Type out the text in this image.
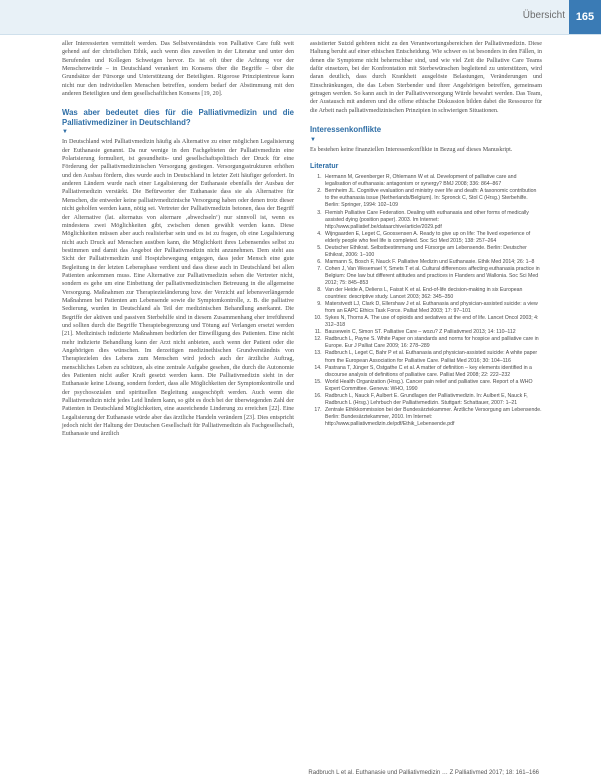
Übersicht 165

aller Interessierten vermittelt werden. Das Selbstverständnis von Palliative Care fußt weit gehend auf der christlichen Ethik, auch wenn dies zuweilen in der Literatur und unter den Berufenden und Kollegen Schweigen hervor. Es ist oft über die Achtung vor der Menschenwürde – in Deutschland verankert im Konsens über die Begriffe – über die Grundsätze der Fürsorge und Unterstützung der Beteiligten. Rigorose Prinzipientreue kann nicht nur den individuellen Menschen betreffen, sondern bedarf der Abstimmung mit den anderen Beteiligten und dem gesellschaftlichen Konsens [19, 20].

Was aber bedeutet dies für die Palliativmedizin und die Palliativmediziner in Deutschland?
▼

In Deutschland wird Palliativmedizin häufig als Alternative zu einer möglichen Legalisierung der Euthanasie genannt. Da nur wenige in den Fachgebieten der Palliativmedizin eine Polarisierung formuliert, ist gesundheits- und gesellschaftspolitisch der Druck für eine Förderung der palliativmedizinischen Versorgung gestiegen. Versorgungsstrukturen erhöhen und den Ausbau fördern, dies wurde auch in Deutschland in letzter Zeit häufiger gefordert. In anderen Ländern wurde nach einer Legalisierung der Euthanasie ebenfalls der Ausbau der Palliativmedizin verstärkt. Die Befürworter der Euthanasie dass sie als Alternative für Menschen, die entweder keine palliativmedizinische Versorgung haben oder denen trotz dieser nicht geholfen werden kann, nötig sei. Vertreter der Palliativmedizin betonen, dass der Begriff der Alternative (lat. alternatus von alternare ‚abwechseln‘) nur sinnvoll ist, wenn es mindestens zwei Möglichkeiten gibt, zwischen denen gewählt werden kann. Diese Möglichkeiten müssen aber auch realisierbar sein und es ist zu fragen, ob eine Legalisierung nicht auch Druck auf Menschen ausüben kann, die Möglichkeit ihres Lebensendes selbst zu bestimmen und damit das Angebot der Palliativmedizin nicht anzunehmen. Dem steht aus Sicht der Palliativmedizin und Hospizbewegung entgegen, dass jeder Mensch eine gute Begleitung in der letzten Lebensphase verdient und dass diese auch in Deutschland bei allen Patienten ankommen muss. Eine Alternative zur Palliativmedizin sehen die Vertreter nicht, sondern es gehe um eine Einbettung der palliativmedizinischen Betreuung in die allgemeine Versorgung. Maßnahmen zur Therapiezieländerung bzw. der Verzicht auf lebensverlängernde Maßnahmen bei Patienten am Lebensende sowie die Symptomkontrolle, z. B. die palliative Sedierung, wurden in Deutschland als Teil der medizinischen Behandlung anerkannt. Die Begriffe der aktiven und passiven Sterbehilfe sind in diesem Zusammenhang eher irreführend und sollten durch die Begriffe Therapiebegrenzung und Tötung auf Verlangen ersetzt werden [21]. Medizinisch indizierte Maßnahmen bedürfen der Einwilligung des Patienten. Eine nicht mehr indizierte Behandlung kann der Arzt nicht anbieten, auch wenn der Patient oder die Angehörigen dies wünschen. Im derzeitigen medizinethischen Grundverständnis von Therapiezielen des Lebens zum Menschen wird jedoch auch der ärztliche Auftrag, menschliches Leben zu schützen, als eine zentrale Aufgabe gesehen, die durch die Autonomie des Patienten nicht außer Kraft gesetzt werden kann. Die Palliativmedizin sieht in der Euthanasie keine Lösung, sondern fordert, dass alle Möglichkeiten der Symptomkontrolle und der psychosozialen und spirituellen Begleitung ausgeschöpft werden. Auch wenn die Palliativmedizin nicht jedes Leid lindern kann, so gibt es doch bei der überwiegenden Zahl der Patienten in Deutschland Möglichkeiten, eine ausreichende Linderung zu erreichen [22]. Eine Legalisierung der Euthanasie würde aber das ärztliche Handeln verändern [23]. Dies entspricht jedoch nicht der Haltung der Deutschen Gesellschaft für Palliativmedizin als Fachgesellschaft, Euthanasie und ärztlich

assistierter Suizid gehören nicht zu den Verantwortungsbereichen der Palliativmedizin. Diese Haltung beruht auf einer ethischen Entscheidung. Wie schwer es ist besonders in den Fällen, in denen die Symptome nicht beherrschbar sind, und wie viel Zeit die Palliative Care Teams dafür einsetzen, bei der Konfrontation mit Sterbewünschen begleitend zu unterstützen, wird daran deutlich, dass durch Krankheit ausgelöste Belastungen, Veränderungen und Einschränkungen, die das Leben Sterbender und ihrer Angehörigen betreffen, gemeinsam getragen werden. So kann auch in der Palliativversorgung Würde bewahrt werden. Das Team, der Austausch mit anderen und die offene ethische Diskussion bilden dabei die Ressource für die Arbeit nach palliativmedizinischen Prinzipien in schwierigen Situationen.

Interessenkonflikte
▼

Es bestehen keine finanziellen Interessenkonflikte in Bezug auf dieses Manuskript.

Literatur
1. Hermann M, Greenberger R, Ohlemann W et al. Development of palliative care and legalisation of euthanasia: antagonism or synergy? BMJ 2008; 336: 864–867
2. Bernheim JL. Cognitive evaluation and ministry over life and death: A taxonomic contribution to the euthanasia issue (Netherlands/Belgium). In: Spronck C, Stol C (Hrsg.) Sterbehilfe. Berlin: Springer, 1994: 102–109
3. Flemish Palliative Care Federation. Dealing with euthanasia and other forms of medically assisted dying (position paper). 2003. Im Internet: http://www.palliatief.be/dataarchive/article/2029.pdf
4. Wijngaarden E, Leget C, Goossensen A. Ready to give up on life: The lived experience of elderly people who feel life is completed. Soc Sci Med 2015; 138: 257–264
5. Deutscher Ethikrat. Selbstbestimmung und Fürsorge am Lebensende. Berlin: Deutscher Ethikrat, 2006: 1–100
6. Marmann S, Bosch F, Nauck F. Palliative Medizin und Euthanasie. Ethik Med 2014; 26: 1–8
7. Cohen J, Van Wesemael Y, Smets T et al. Cultural differences affecting euthanasia practice in Belgium: One law but different attitudes and practices in Flanders and Wallonia. Soc Sci Med 2012; 75: 845–853
8. Van der Heide A, Deliens L, Faisst K et al. End-of-life decision-making in six European countries: descriptive study. Lancet 2003; 362: 345–350
9. Materstvedt LJ, Clark D, Ellershaw J et al. Euthanasia and physician-assisted suicide: a view from an EAPC Ethics Task Force. Palliat Med 2003; 17: 97–101
10. Sykes N, Thorns A. The use of opioids and sedatives at the end of life. Lancet Oncol 2003; 4: 312–318
11. Bausewein C, Simon ST. Palliative Care – wozu? Z Palliativmed 2013; 14: 110–112
12. Radbruch L, Payne S. White Paper on standards and norms for hospice and palliative care in Europe. Eur J Palliat Care 2009; 16: 278–289
13. Radbruch L, Leget C, Bahr P et al. Euthanasia and physician-assisted suicide: A white paper from the European Association for Palliative Care. Palliat Med 2016; 30: 104–116
14. Pastrana T, Jünger S, Ostgathe C et al. A matter of definition – key elements identified in a discourse analysis of definitions of palliative care. Palliat Med 2008; 22: 222–232
15. World Health Organization (Hrsg.). Cancer pain relief and palliative care. Report of a WHO Expert Committee. Geneva: WHO, 1990
16. Radbruch L, Nauck F, Aulbert E. Grundlagen der Palliativmedizin. In: Aulbert E, Nauck F, Radbruch L (Hrsg.) Lehrbuch der Palliativmedizin. Stuttgart: Schattauer, 2007: 1–21
17. Zentrale Ethikkommission bei der Bundesärztekammer. Ärztliche Versorgung am Lebensende. Berlin: Bundesärztekammer, 2010. Im Internet: http://www.palliativmedizin.de/pdf/Ethik_Lebensende.pdf
Radbruch L et al. Euthanasie und Palliativmedizin … Z Palliativmed 2017; 18: 161–166
